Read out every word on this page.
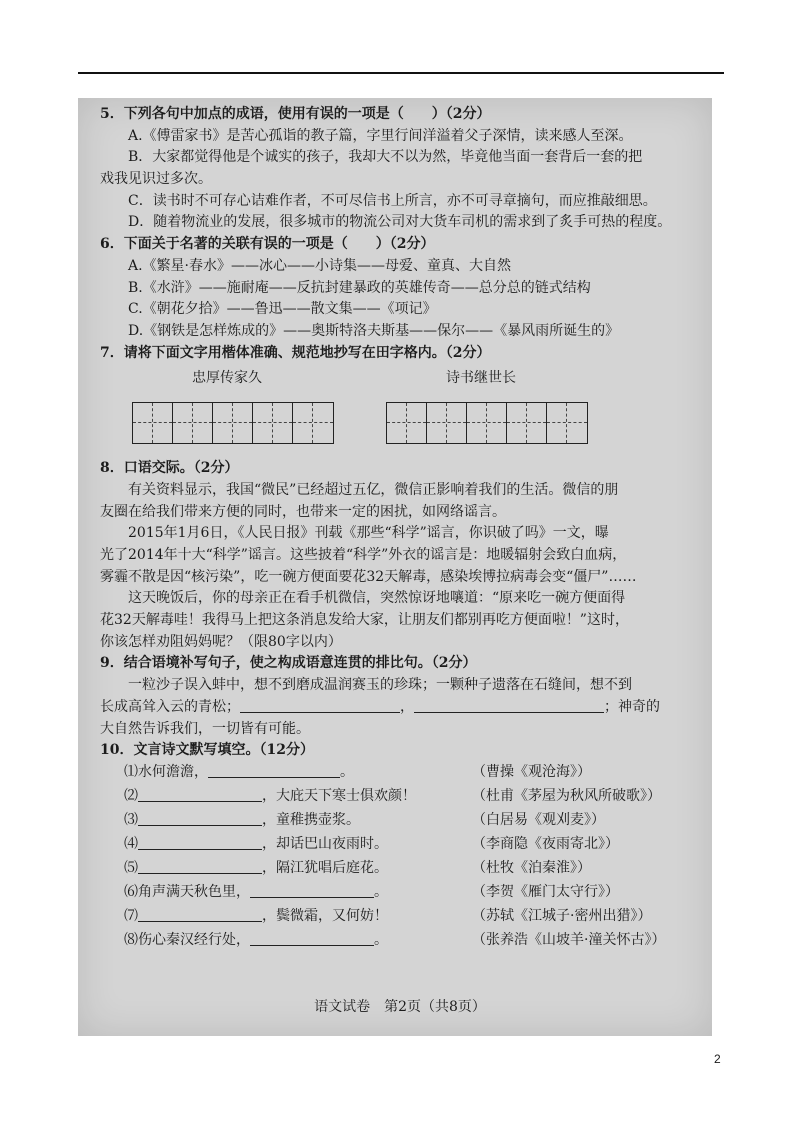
5．下列各句中加点的成语，使用有误的一项是（　　）（2分）
A.《傅雷家书》是苦心孤诣的教子篇，字里行间洋溢着父子深情，读来感人至深。
B．大家都觉得他是个诚实的孩子，我却大不以为然，毕竟他当面一套背后一套的把
戏我见识过多次。
C．读书时不可存心诘难作者，不可尽信书上所言，亦不可寻章摘句，而应推敲细思。
D．随着物流业的发展，很多城市的物流公司对大货车司机的需求到了炙手可热的程度。
6．下面关于名著的关联有误的一项是（　　）（2分）
A.《繁星·春水》——冰心——小诗集——母爱、童真、大自然
B.《水浒》——施耐庵——反抗封建暴政的英雄传奇——总分总的链式结构
C.《朝花夕拾》——鲁迅——散文集——《项记》
D.《钢铁是怎样炼成的》——奥斯特洛夫斯基——保尔——《暴风雨所诞生的》
7．请将下面文字用楷体准确、规范地抄写在田字格内。（2分）
忠厚传家久	诗书继世长
8．口语交际。（2分）
有关资料显示，我国“微民”已经超过五亿，微信正影响着我们的生活。微信的朋
友圈在给我们带来方便的同时，也带来一定的困扰，如网络谣言。
2015年1月6日，《人民日报》刊载《那些“科学”谣言，你识破了吗》一文，曝
光了2014年十大“科学”谣言。这些披着“科学”外衣的谣言是：地暖辐射会致白血病，
雾霾不散是因“核污染”，吃一碗方便面要花32天解毒，感染埃博拉病毒会变“僵尸”……
这天晚饭后，你的母亲正在看手机微信，突然惊讶地嚷道：“原来吃一碗方便面得
花32天解毒哇！我得马上把这条消息发给大家，让朋友们都别再吃方便面啦！”这时，
你该怎样劝阻妈妈呢？（限80字以内）
9．结合语境补写句子，使之构成语意连贯的排比句。（2分）
一粒沙子误入蚌中，想不到磨成温润赛玉的珍珠；一颗种子遗落在石缝间，想不到
长成高耸入云的青松；	，	；神奇的
大自然告诉我们，一切皆有可能。
10．文言诗文默写填空。（12分）
⑴水何澹澹，	。	（曹操《观沧海》）
⑵	，大庇天下寒士俱欢颜！	（杜甫《茅屋为秋风所破歌》）
⑶	，童稚携壶浆。	（白居易《观刈麦》）
⑷	，却话巴山夜雨时。	（李商隐《夜雨寄北》）
⑸	，隔江犹唱后庭花。	（杜牧《泊秦淮》）
⑹角声满天秋色里，	。	（李贺《雁门太守行》）
⑺	，鬓微霜，又何妨！	（苏轼《江城子·密州出猎》）
⑻伤心秦汉经行处，	。	（张养浩《山坡羊·潼关怀古》）
语文试卷　第2页（共8页）
2
